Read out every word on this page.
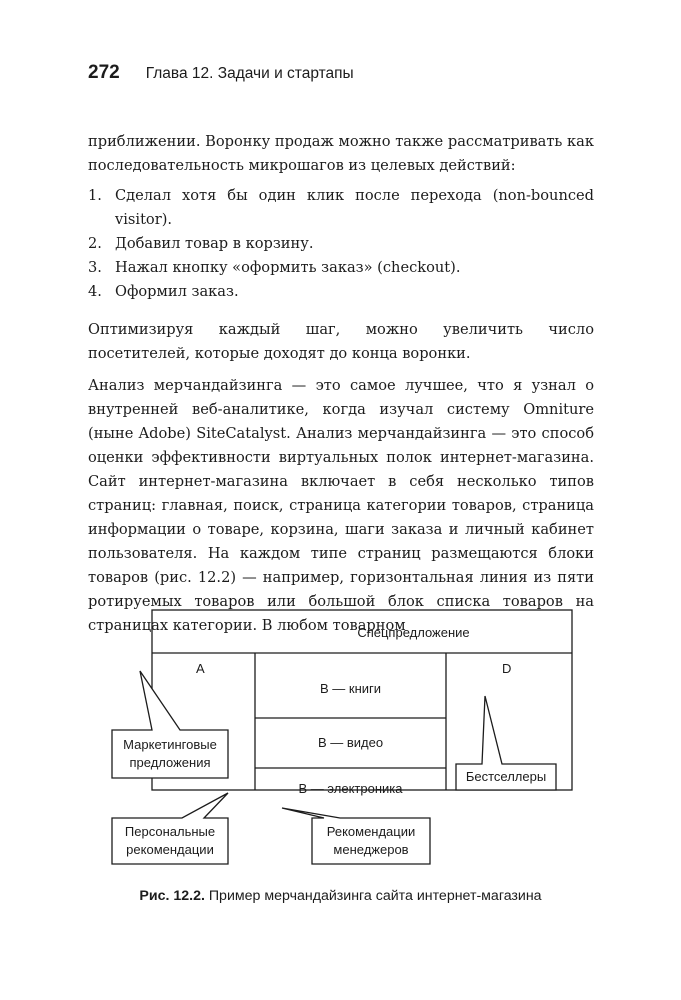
272 Глава 12. Задачи и стартапы

приближении. Воронку продаж можно также рассматривать как последовательность микрошагов из целевых действий:

1. Сделал хотя бы один клик после перехода (non-bounced visitor).
2. Добавил товар в корзину.
3. Нажал кнопку «оформить заказ» (checkout).
4. Оформил заказ.

Оптимизируя каждый шаг, можно увеличить число посетителей, которые доходят до конца воронки.

Анализ мерчандайзинга — это самое лучшее, что я узнал о внутренней веб-аналитике, когда изучал систему Omniture (ныне Adobe) SiteCatalyst. Анализ мерчандайзинга — это способ оценки эффективности виртуальных полок интернет-магазина. Сайт интернет-магазина включает в себя несколько типов страниц: главная, поиск, страница категории товаров, страница информации о товаре, корзина, шаги заказа и личный кабинет пользователя. На каждом типе страниц размещаются блоки товаров (рис. 12.2) — например, горизонтальная линия из пяти ротируемых товаров или большой блок списка товаров на страницах категории. В любом товарном

Спецпредложение
A	D
B — книги
B — видео
B — электроника
Маркетинговые
предложения
Персональные
рекомендации
Рекомендации
менеджеров
Бестселлеры
Рис. 12.2. Пример мерчандайзинга сайта интернет-магазина
